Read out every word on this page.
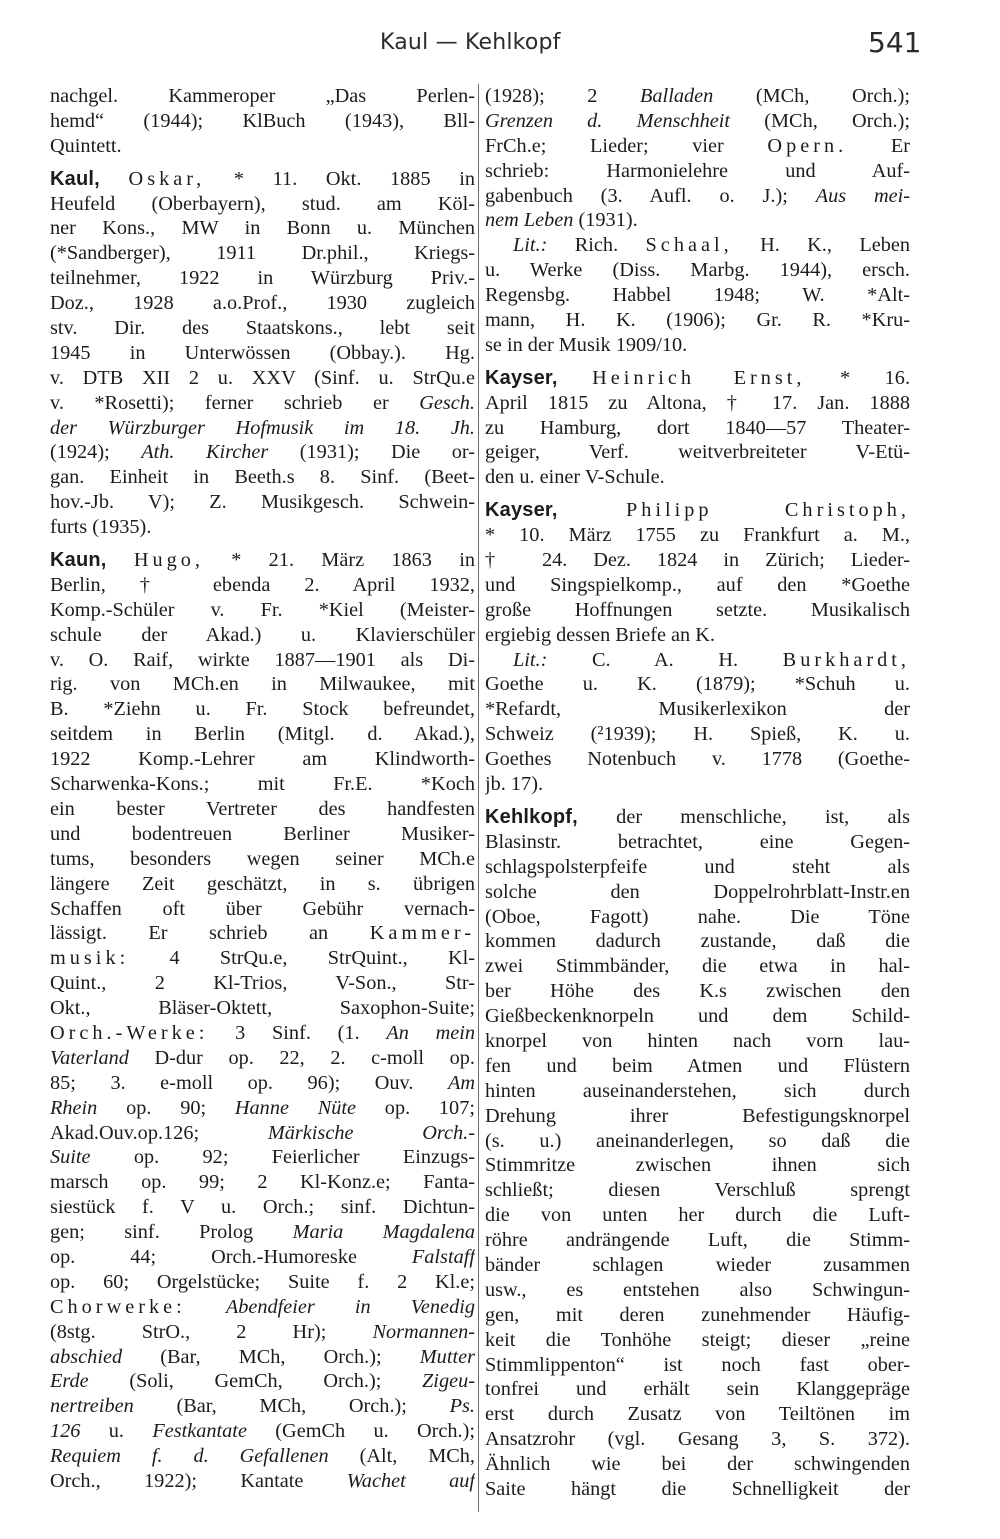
Kaul — Kehlkopf	541
nachgel. Kammeroper „Das Perlen-
hemd“ (1944); KlBuch (1943), Bll-
Quintett.
Kaul, Oskar, * 11. Okt. 1885 in
Heufeld (Oberbayern), stud. am Köl-
ner Kons., MW in Bonn u. München
(*Sandberger), 1911 Dr.phil., Kriegs-
teilnehmer, 1922 in Würzburg Priv.-
Doz., 1928 a.o.Prof., 1930 zugleich
stv. Dir. des Staatskons., lebt seit
1945 in Unterwössen (Obbay.). Hg.
v. DTB XII 2 u. XXV (Sinf. u. StrQu.e
v. *Rosetti); ferner schrieb er Gesch.
der Würzburger Hofmusik im 18. Jh.
(1924); Ath. Kircher (1931); Die or-
gan. Einheit in Beeth.s 8. Sinf. (Beet-
hov.-Jb. V); Z. Musikgesch. Schwein-
furts (1935).
Kaun, Hugo, * 21. März 1863 in
Berlin, † ebenda 2. April 1932,
Komp.-Schüler v. Fr. *Kiel (Meister-
schule der Akad.) u. Klavierschüler
v. O. Raif, wirkte 1887—1901 als Di-
rig. von MCh.en in Milwaukee, mit
B. *Ziehn u. Fr. Stock befreundet,
seitdem in Berlin (Mitgl. d. Akad.),
1922 Komp.-Lehrer am Klindworth-
Scharwenka-Kons.; mit Fr.E. *Koch
ein bester Vertreter des handfesten
und bodentreuen Berliner Musiker-
tums, besonders wegen seiner MCh.e
längere Zeit geschätzt, in s. übrigen
Schaffen oft über Gebühr vernach-
lässigt. Er schrieb an Kammer-
musik: 4 StrQu.e, StrQuint., Kl-
Quint., 2 Kl-Trios, V-Son., Str-
Okt., Bläser-Oktett, Saxophon-Suite;
Orch.-Werke: 3 Sinf. (1. An mein
Vaterland D-dur op. 22, 2. c-moll op.
85; 3. e-moll op. 96); Ouv. Am
Rhein op. 90; Hanne Nüte op. 107;
Akad.Ouv.op.126;	Märkische Orch.-
Suite op. 92; Feierlicher Einzugs-
marsch op. 99; 2 Kl-Konz.e; Fanta-
siestück f. V u. Orch.; sinf. Dichtun-
gen; sinf. Prolog Maria Magdalena
op. 44; Orch.-Humoreske	Falstaff
op. 60; Orgelstücke; Suite f. 2 Kl.e;
Chorwerke: Abendfeier in Venedig
(8stg. StrO., 2 Hr); Normannen-
abschied (Bar, MCh, Orch.); Mutter
Erde (Soli, GemCh, Orch.); Zigeu-
nertreiben (Bar, MCh, Orch.); Ps.
126 u. Festkantate (GemCh u. Orch.);
Requiem f. d. Gefallenen (Alt, MCh,
Orch., 1922); Kantate Wachet auf
(1928); 2 Balladen (MCh, Orch.);
Grenzen d. Menschheit (MCh, Orch.);
FrCh.e; Lieder; vier Opern. Er
schrieb: Harmonielehre und Auf-
gabenbuch (3. Aufl. o. J.); Aus mei-
nem Leben (1931).
Lit.: Rich. Schaal, H. K., Leben
u. Werke (Diss. Marbg. 1944), ersch.
Regensbg. Habbel 1948; W. *Alt-
mann, H. K. (1906); Gr. R. *Kru-
se in der Musik 1909/10.
Kayser, Heinrich Ernst, * 16.
April 1815 zu Altona, † 17. Jan. 1888
zu Hamburg, dort 1840—57 Theater-
geiger, Verf. weitverbreiteter V-Etü-
den u. einer V-Schule.
Kayser,	Philipp Christoph,
* 10. März 1755 zu Frankfurt a. M.,
† 24. Dez. 1824 in Zürich; Lieder-
und Singspielkomp., auf den *Goethe
große Hoffnungen setzte. Musikalisch
ergiebig dessen Briefe an K.
Lit.: C. A. H. Burkhardt,
Goethe u. K. (1879); *Schuh u.
*Refardt, Musikerlexikon der
Schweiz (²1939); H. Spieß, K. u.
Goethes Notenbuch v. 1778 (Goethe-
jb. 17).
Kehlkopf, der menschliche, ist, als
Blasinstr. betrachtet, eine Gegen-
schlagspolsterpfeife und steht als
solche den Doppelrohrblatt-Instr.en
(Oboe, Fagott) nahe. Die Töne
kommen dadurch zustande, daß die
zwei Stimmbänder, die etwa in hal-
ber Höhe des K.s zwischen den
Gießbeckenknorpeln und dem Schild-
knorpel von hinten nach vorn lau-
fen und beim Atmen und Flüstern
hinten auseinanderstehen, sich durch
Drehung ihrer Befestigungsknorpel
(s. u.) aneinanderlegen, so daß die
Stimmritze zwischen ihnen sich
schließt; diesen Verschluß sprengt
die von unten her durch die Luft-
röhre andrängende Luft, die Stimm-
bänder schlagen wieder zusammen
usw., es entstehen also Schwingun-
gen, mit deren zunehmender Häufig-
keit die Tonhöhe steigt; dieser „reine
Stimmlippenton“ ist noch fast ober-
tonfrei und erhält sein Klanggepräge
erst durch Zusatz von Teiltönen im
Ansatzrohr (vgl. Gesang 3, S. 372).
Ähnlich wie bei der schwingenden
Saite hängt die Schnelligkeit der
